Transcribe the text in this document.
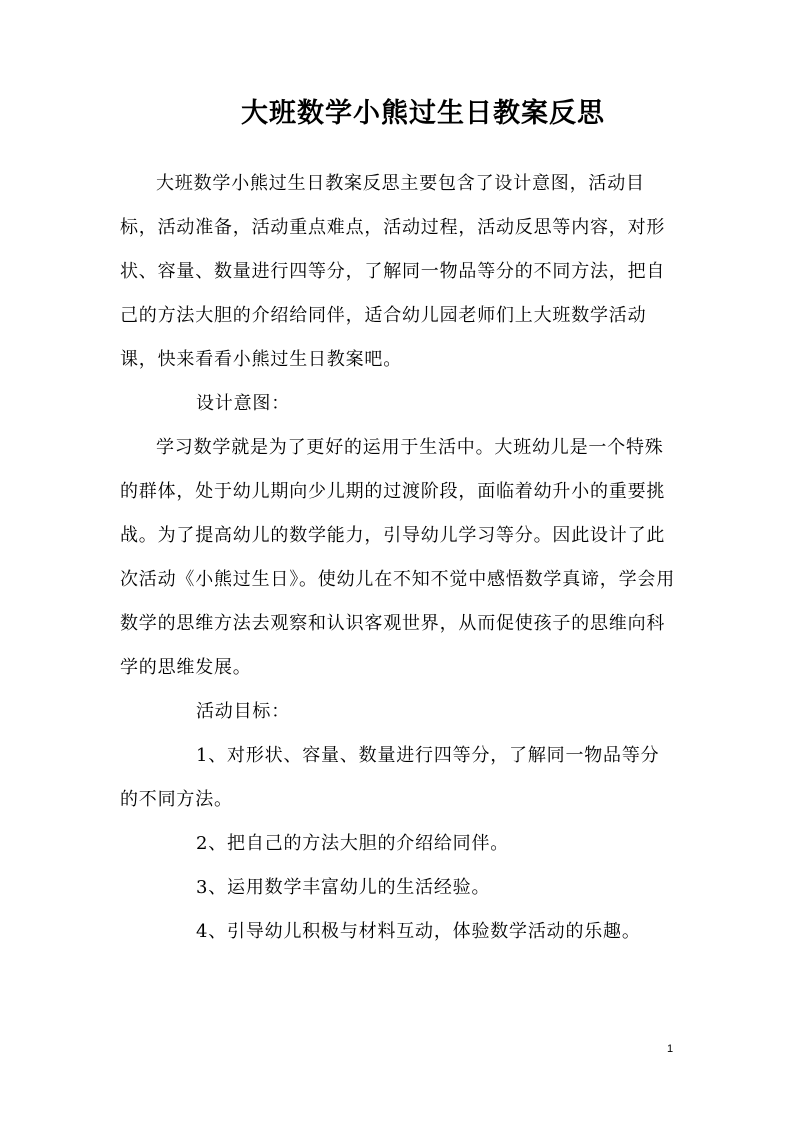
大班数学小熊过生日教案反思

大班数学小熊过生日教案反思主要包含了设计意图，活动目标，活动准备，活动重点难点，活动过程，活动反思等内容，对形状、容量、数量进行四等分，了解同一物品等分的不同方法，把自己的方法大胆的介绍给同伴，适合幼儿园老师们上大班数学活动课，快来看看小熊过生日教案吧。

设计意图：

学习数学就是为了更好的运用于生活中。大班幼儿是一个特殊的群体，处于幼儿期向少儿期的过渡阶段，面临着幼升小的重要挑战。为了提高幼儿的数学能力，引导幼儿学习等分。因此设计了此次活动《小熊过生日》。使幼儿在不知不觉中感悟数学真谛，学会用数学的思维方法去观察和认识客观世界，从而促使孩子的思维向科学的思维发展。

活动目标：

1、对形状、容量、数量进行四等分，了解同一物品等分的不同方法。

2、把自己的方法大胆的介绍给同伴。

3、运用数学丰富幼儿的生活经验。

4、引导幼儿积极与材料互动，体验数学活动的乐趣。

1
